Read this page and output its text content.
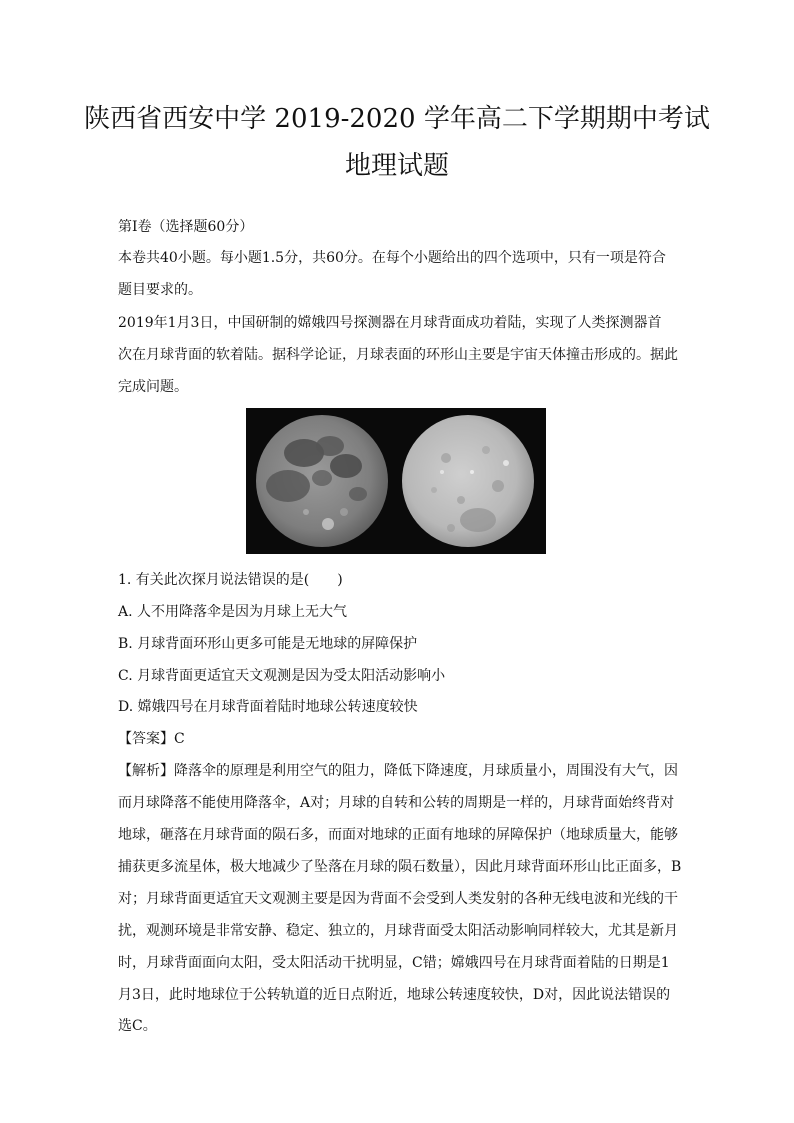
陕西省西安中学 2019-2020 学年高二下学期期中考试
地理试题
第Ⅰ卷（选择题60分）
本卷共40小题。每小题1.5分，共60分。在每个小题给出的四个选项中，只有一项是符合
题目要求的。
2019年1月3日，中国研制的嫦娥四号探测器在月球背面成功着陆，实现了人类探测器首
次在月球背面的软着陆。据科学论证，月球表面的环形山主要是宇宙天体撞击形成的。据此
完成问题。
1. 有关此次探月说法错误的是(　　)
A. 人不用降落伞是因为月球上无大气
B. 月球背面环形山更多可能是无地球的屏障保护
C. 月球背面更适宜天文观测是因为受太阳活动影响小
D. 嫦娥四号在月球背面着陆时地球公转速度较快
【答案】C
【解析】降落伞的原理是利用空气的阻力，降低下降速度，月球质量小，周围没有大气，因
而月球降落不能使用降落伞，A对；月球的自转和公转的周期是一样的，月球背面始终背对
地球，砸落在月球背面的陨石多，而面对地球的正面有地球的屏障保护（地球质量大，能够
捕获更多流星体，极大地减少了坠落在月球的陨石数量），因此月球背面环形山比正面多，B
对；月球背面更适宜天文观测主要是因为背面不会受到人类发射的各种无线电波和光线的干
扰，观测环境是非常安静、稳定、独立的，月球背面受太阳活动影响同样较大，尤其是新月
时，月球背面面向太阳，受太阳活动干扰明显，C错；嫦娥四号在月球背面着陆的日期是1
月3日，此时地球位于公转轨道的近日点附近，地球公转速度较快，D对，因此说法错误的
选C。
